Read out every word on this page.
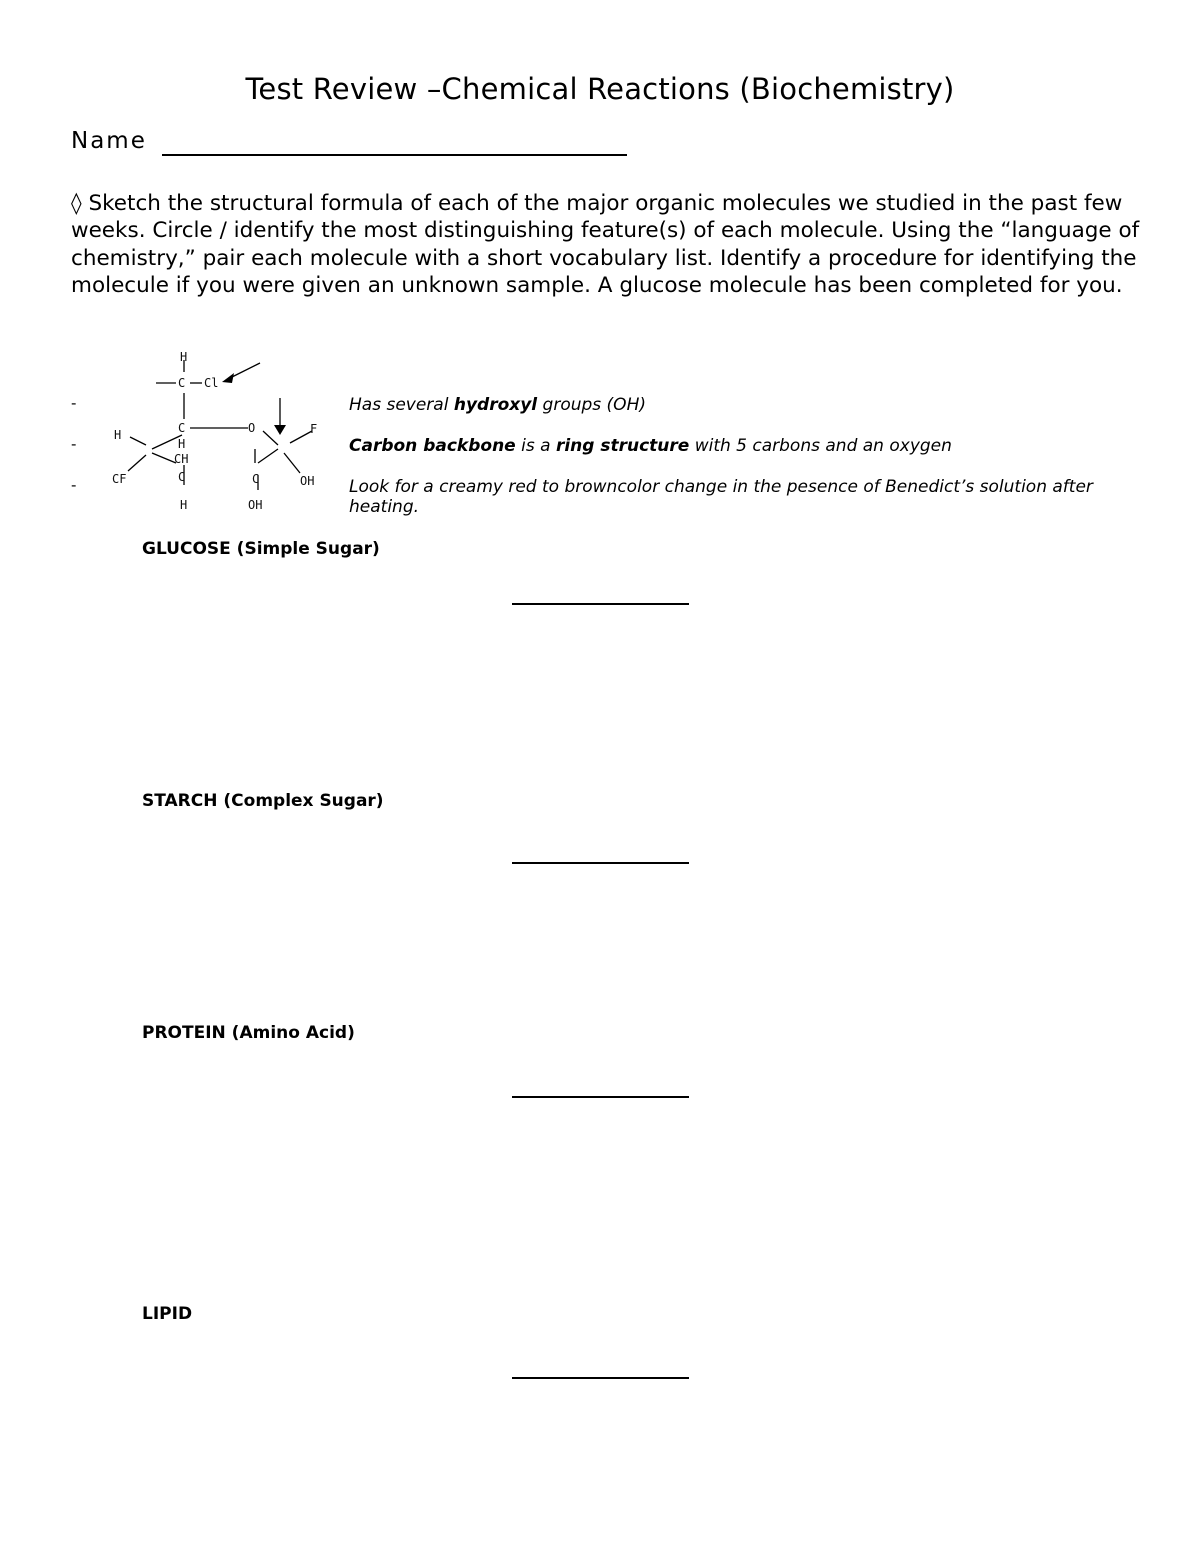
Test Review –Chemical Reactions (Biochemistry)
Name
◊ Sketch the structural formula of each of the major organic molecules we studied in the past few weeks. Circle / identify the most distinguishing feature(s) of each molecule. Using the “language of chemistry,” pair each molecule with a short vocabulary list. Identify a procedure for identifying the molecule if you were given an unknown sample. A glucose molecule has been completed for you.
H
C Cl
C	O
H
H
CH
F
CF	C	C	OH
H	OH
-
-
-
Has several hydroxyl groups (OH)
Carbon backbone is a ring structure with 5 carbons and an oxygen
Look for a creamy red to browncolor change in the pesence of Benedict’s solution after heating.
GLUCOSE (Simple Sugar)
STARCH (Complex Sugar)
PROTEIN (Amino Acid)
LIPID
